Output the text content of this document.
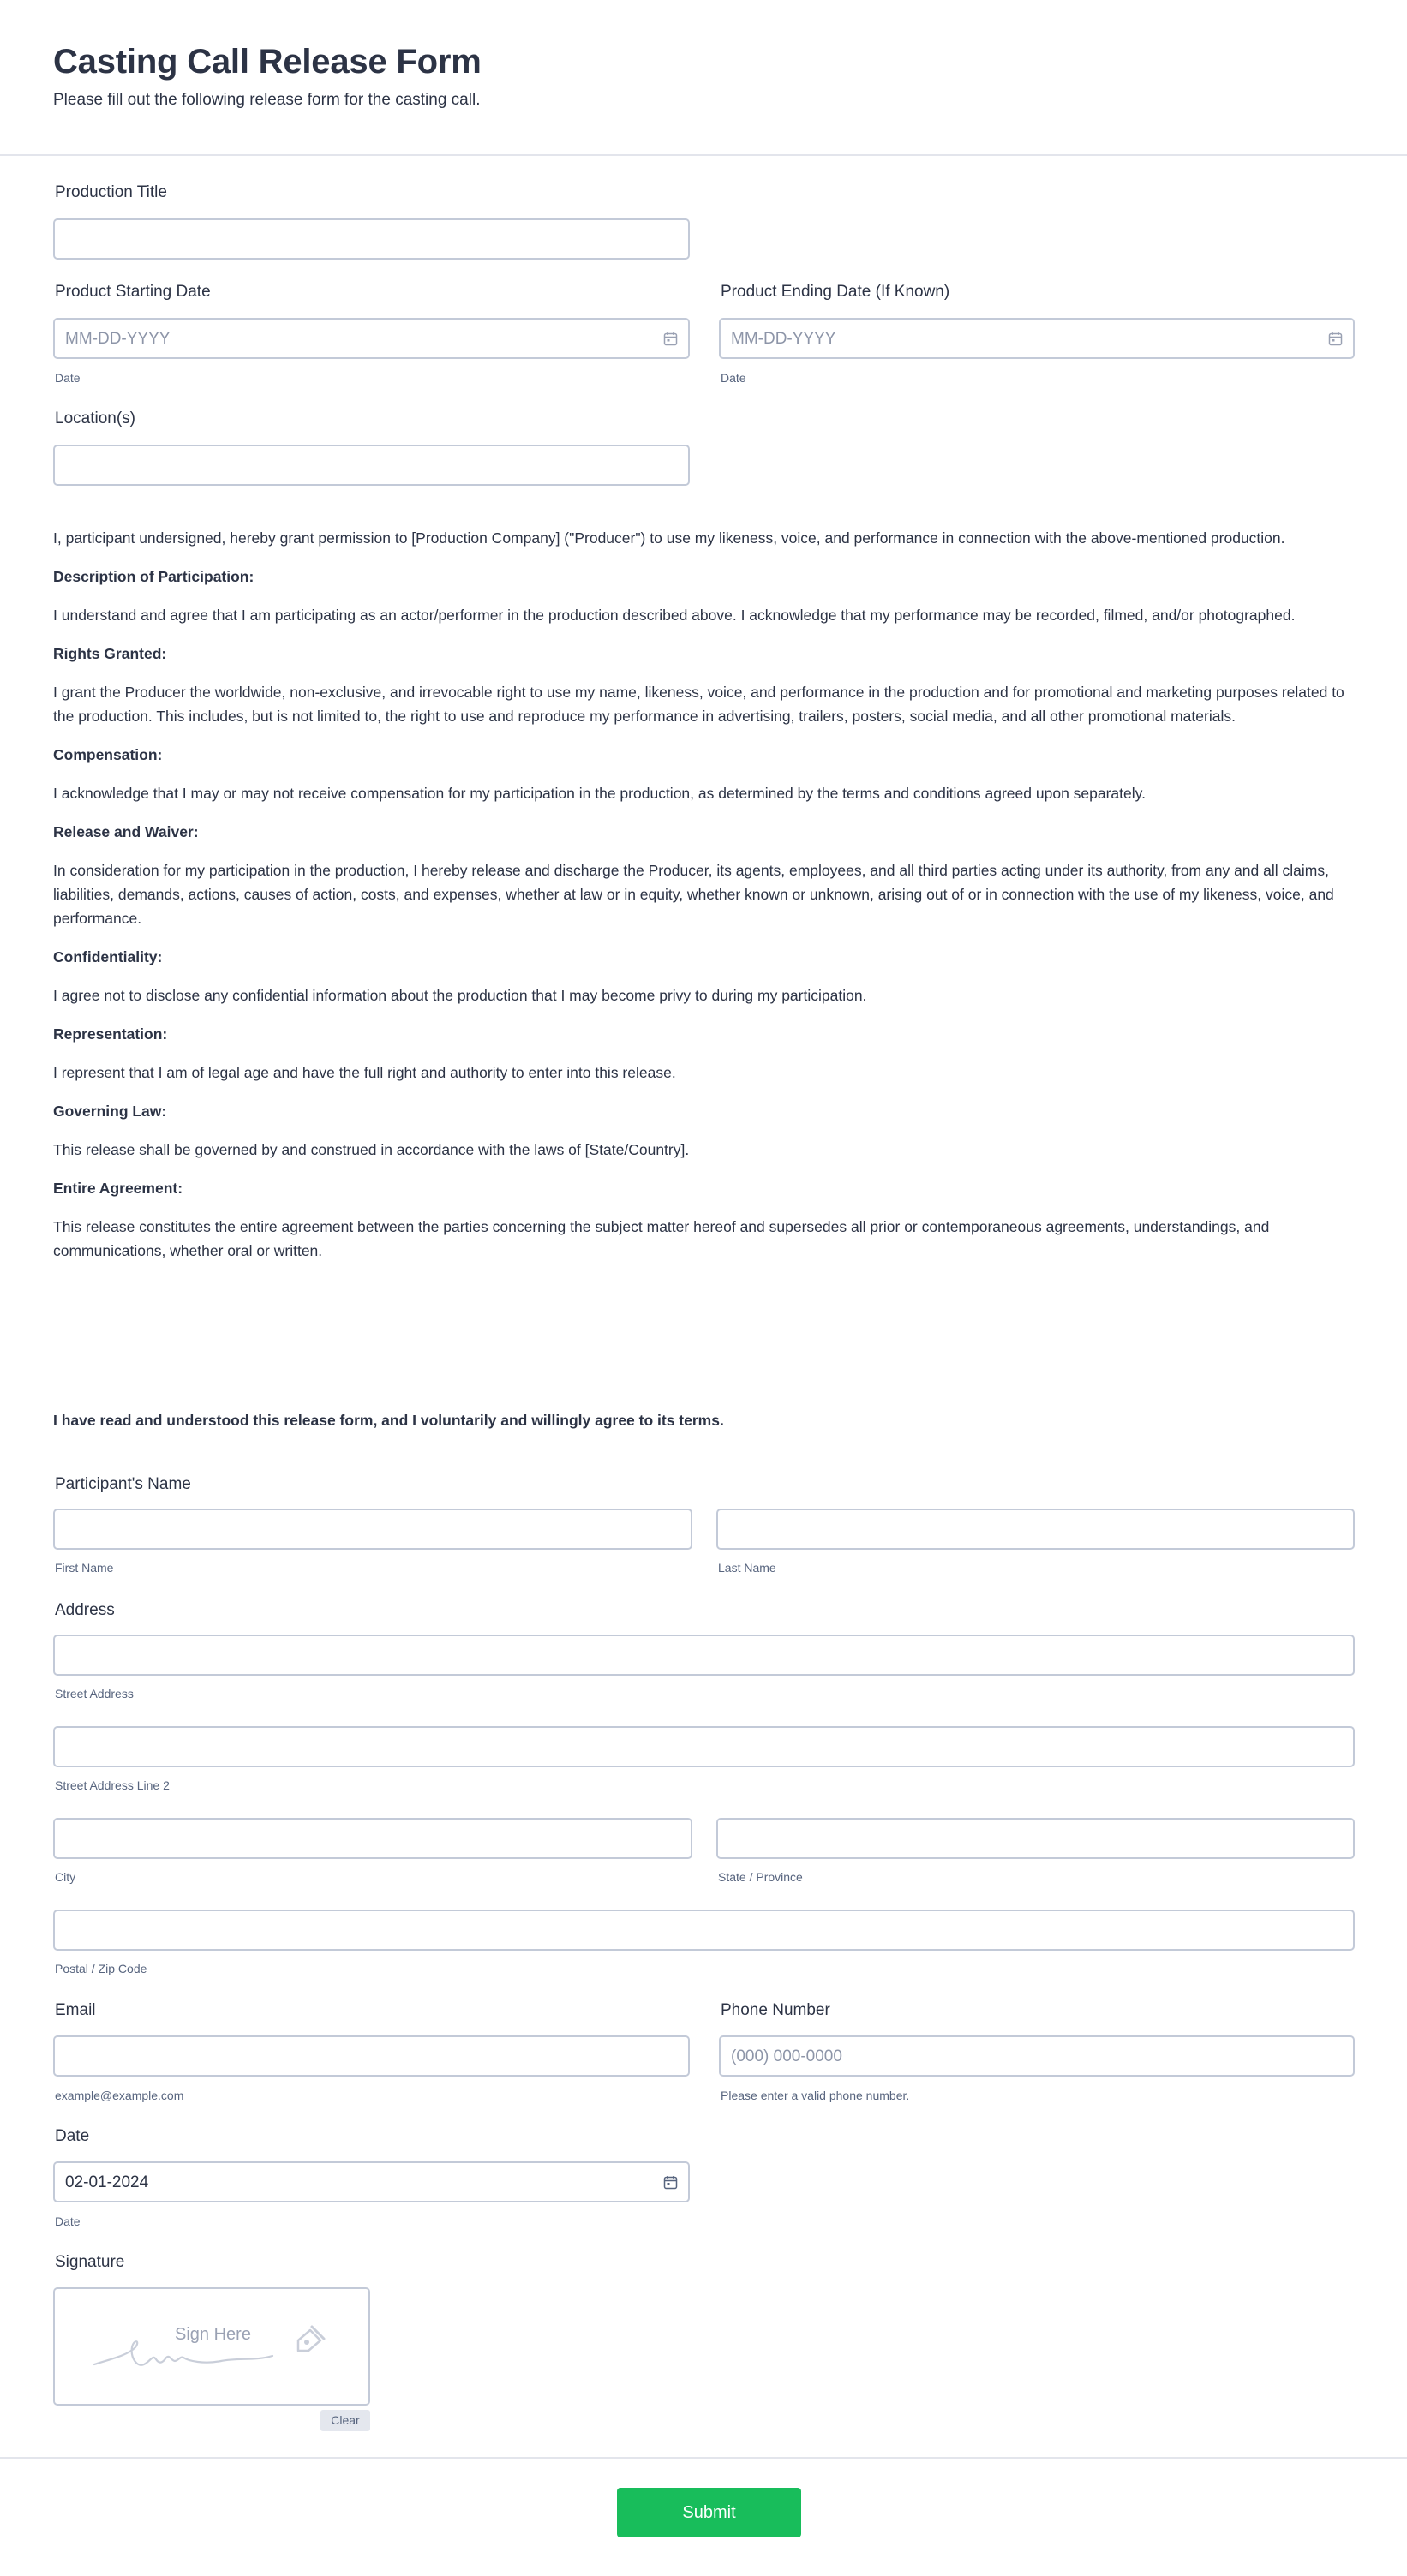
Casting Call Release Form

Please fill out the following release form for the casting call.

Production Title
Product Starting Date
MM-DD-YYYY
Date
Product Ending Date (If Known)
MM-DD-YYYY
Date
Location(s)

I, participant undersigned, hereby grant permission to [Production Company] ("Producer") to use my likeness, voice, and performance in connection with the above-mentioned production.

Description of Participation:

I understand and agree that I am participating as an actor/performer in the production described above. I acknowledge that my performance may be recorded, filmed, and/or photographed.

Rights Granted:

I grant the Producer the worldwide, non-exclusive, and irrevocable right to use my name, likeness, voice, and performance in the production and for promotional and marketing purposes related to the production. This includes, but is not limited to, the right to use and reproduce my performance in advertising, trailers, posters, social media, and all other promotional materials.

Compensation:

I acknowledge that I may or may not receive compensation for my participation in the production, as determined by the terms and conditions agreed upon separately.

Release and Waiver:

In consideration for my participation in the production, I hereby release and discharge the Producer, its agents, employees, and all third parties acting under its authority, from any and all claims, liabilities, demands, actions, causes of action, costs, and expenses, whether at law or in equity, whether known or unknown, arising out of or in connection with the use of my likeness, voice, and performance.

Confidentiality:

I agree not to disclose any confidential information about the production that I may become privy to during my participation.

Representation:

I represent that I am of legal age and have the full right and authority to enter into this release.

Governing Law:

This release shall be governed by and construed in accordance with the laws of [State/Country].

Entire Agreement:

This release constitutes the entire agreement between the parties concerning the subject matter hereof and supersedes all prior or contemporaneous agreements, understandings, and communications, whether oral or written.

I have read and understood this release form, and I voluntarily and willingly agree to its terms.
Participant's Name
First Name	Last Name
Address
Street Address
Street Address Line 2
City	State / Province
Postal / Zip Code
Email
example@example.com
Phone Number
(000) 000-0000
Please enter a valid phone number.
Date
02-01-2024
Date
Signature
Sign Here
Clear
Submit
